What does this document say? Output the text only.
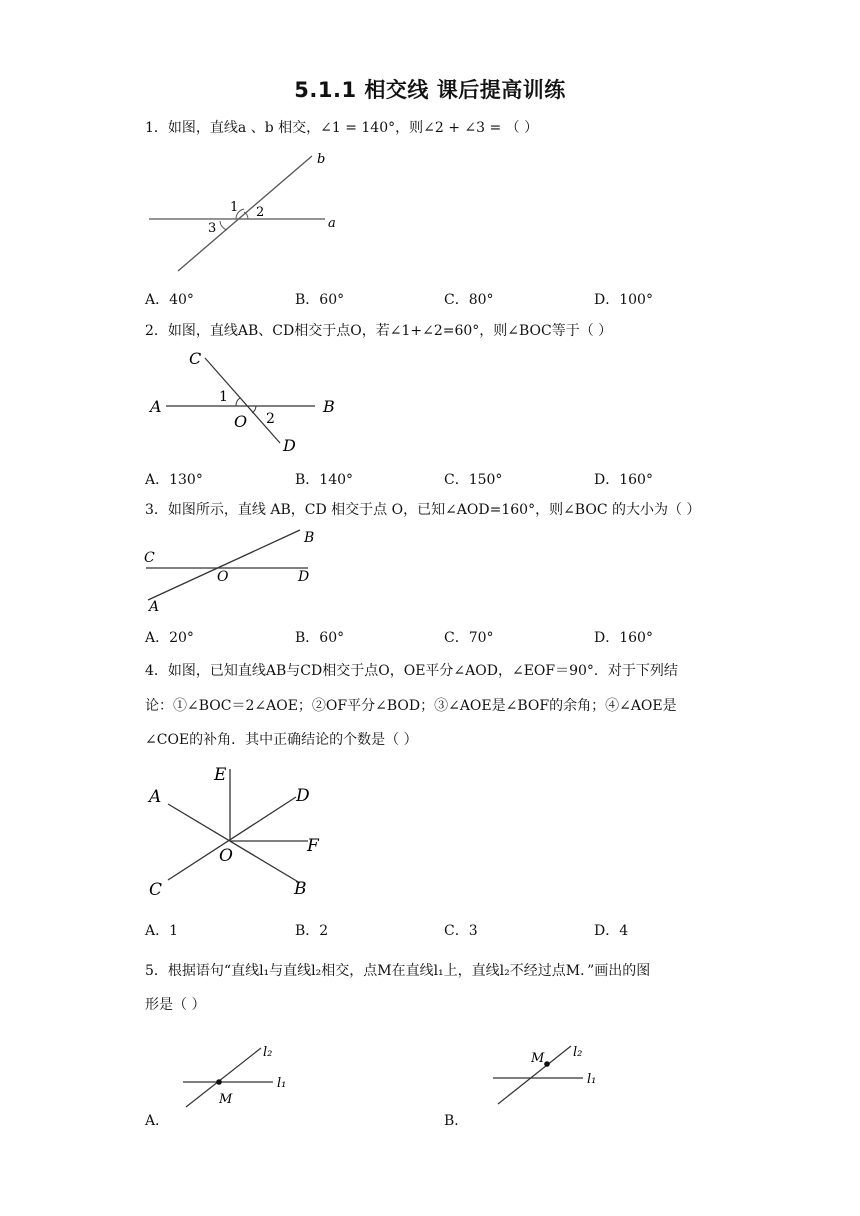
5.1.1 相交线 课后提高训练
1．如图，直线a 、b 相交，∠1 = 140°，则∠2 + ∠3 = （ ）
b
a
1 2
3
A．40°	B．60°	C．80°	D．100°
2．如图，直线AB、CD相交于点O，若∠1+∠2=60°，则∠BOC等于（ ）
C
A	B
O
D
1
2
A．130°	B．140°	C．150°	D．160°
3．如图所示，直线 AB，CD 相交于点 O，已知∠AOD=160°，则∠BOC 的大小为（ ）
C
B
O	D
A
A．20°	B．60°	C．70°	D．160°
4．如图，已知直线AB与CD相交于点O，OE平分∠AOD，∠EOF＝90°．对于下列结
论：①∠BOC＝2∠AOE；②OF平分∠BOD；③∠AOE是∠BOF的余角；④∠AOE是
∠COE的补角．其中正确结论的个数是（ ）
E
A	D
F
O
C	B
A．1	B．2	C．3	D．4
5．根据语句“直线l₁与直线l₂相交，点M在直线l₁上，直线l₂不经过点M．”画出的图
形是（ ）
l₂
l₁
M
A．
l₂
l₁
M
B．
